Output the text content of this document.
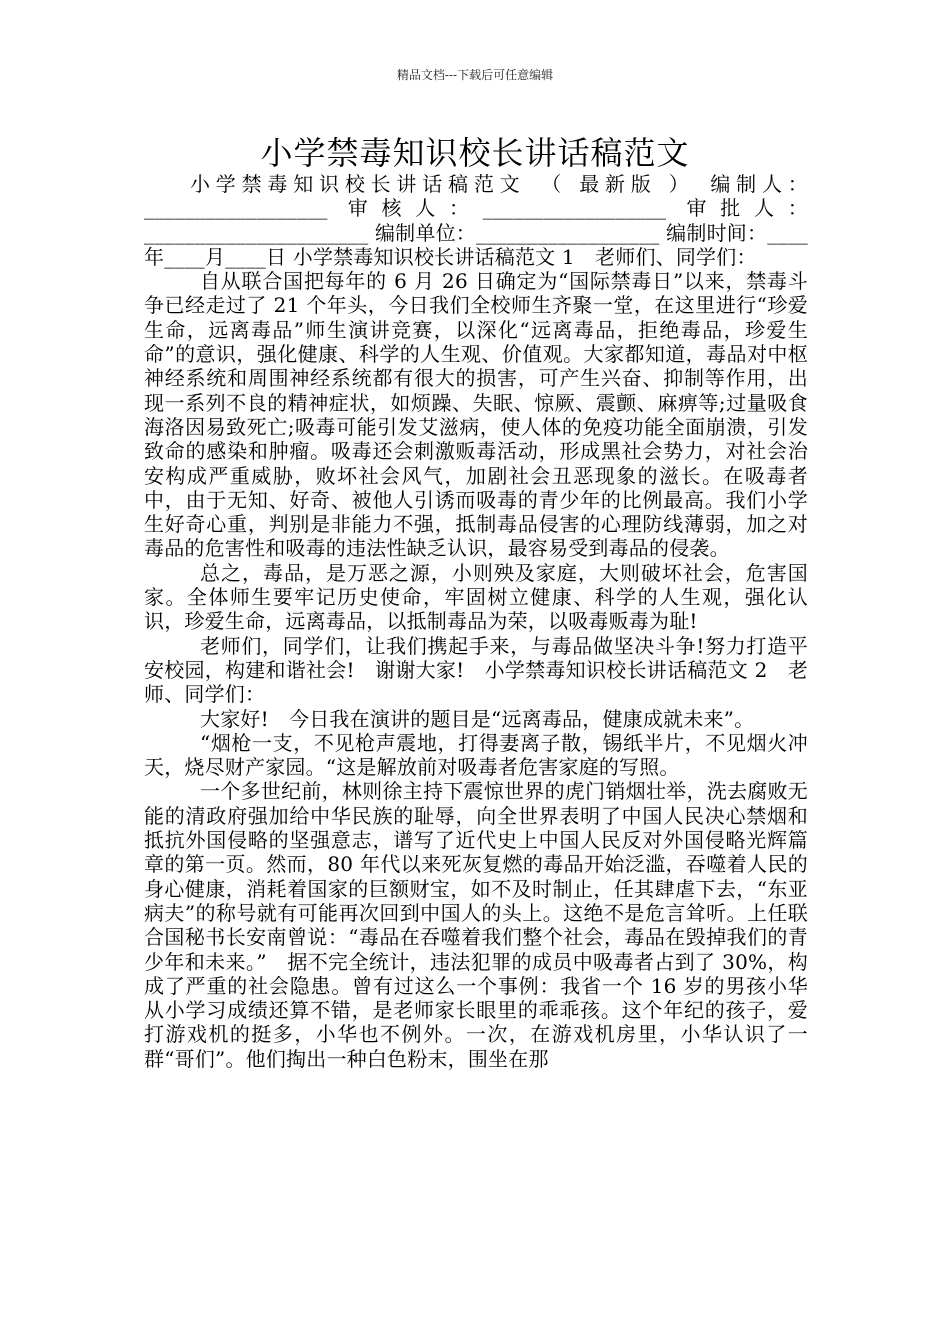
精品文档---下载后可任意编辑
小学禁毒知识校长讲话稿范文

小学禁毒知识校长讲话稿范文　（ 最新版 ）　编制人：__________________ 审核人：__________________ 审批人：______________________ 编制单位：__________________ 编制时间：____年____月____日 小学禁毒知识校长讲话稿范文 1　老师们、同学们：

自从联合国把每年的 6 月 26 日确定为“国际禁毒日”以来，禁毒斗争已经走过了 21 个年头，今日我们全校师生齐聚一堂，在这里进行“珍爱生命，远离毒品”师生演讲竞赛，以深化“远离毒品，拒绝毒品，珍爱生命”的意识，强化健康、科学的人生观、价值观。大家都知道，毒品对中枢神经系统和周围神经系统都有很大的损害，可产生兴奋、抑制等作用，出现一系列不良的精神症状，如烦躁、失眠、惊厥、震颤、麻痹等;过量吸食海洛因易致死亡;吸毒可能引发艾滋病，使人体的免疫功能全面崩溃，引发致命的感染和肿瘤。吸毒还会刺激贩毒活动，形成黑社会势力，对社会治安构成严重威胁，败坏社会风气，加剧社会丑恶现象的滋长。在吸毒者中，由于无知、好奇、被他人引诱而吸毒的青少年的比例最高。我们小学生好奇心重，判别是非能力不强，抵制毒品侵害的心理防线薄弱，加之对毒品的危害性和吸毒的违法性缺乏认识，最容易受到毒品的侵袭。

总之，毒品，是万恶之源，小则殃及家庭，大则破坏社会，危害国家。全体师生要牢记历史使命，牢固树立健康、科学的人生观，强化认识，珍爱生命，远离毒品，以抵制毒品为荣，以吸毒贩毒为耻!

老师们，同学们，让我们携起手来，与毒品做坚决斗争!努力打造平安校园，构建和谐社会!　谢谢大家!　小学禁毒知识校长讲话稿范文 2　老师、同学们：

大家好!　今日我在演讲的题目是“远离毒品，健康成就未来”。

“烟枪一支，不见枪声震地，打得妻离子散，锡纸半片，不见烟火冲天，烧尽财产家园。“这是解放前对吸毒者危害家庭的写照。

一个多世纪前，林则徐主持下震惊世界的虎门销烟壮举，洗去腐败无能的清政府强加给中华民族的耻辱，向全世界表明了中国人民决心禁烟和抵抗外国侵略的坚强意志，谱写了近代史上中国人民反对外国侵略光辉篇章的第一页。然而，80 年代以来死灰复燃的毒品开始泛滥，吞噬着人民的身心健康，消耗着国家的巨额财宝，如不及时制止，任其肆虐下去，“东亚病夫”的称号就有可能再次回到中国人的头上。这绝不是危言耸听。上任联合国秘书长安南曾说：“毒品在吞噬着我们整个社会，毒品在毁掉我们的青少年和未来。”　据不完全统计，违法犯罪的成员中吸毒者占到了 30%，构成了严重的社会隐患。曾有过这么一个事例：我省一个 16 岁的男孩小华从小学习成绩还算不错，是老师家长眼里的乖乖孩。这个年纪的孩子，爱打游戏机的挺多，小华也不例外。一次，在游戏机房里，小华认识了一群“哥们”。他们掏出一种白色粉末，围坐在那
